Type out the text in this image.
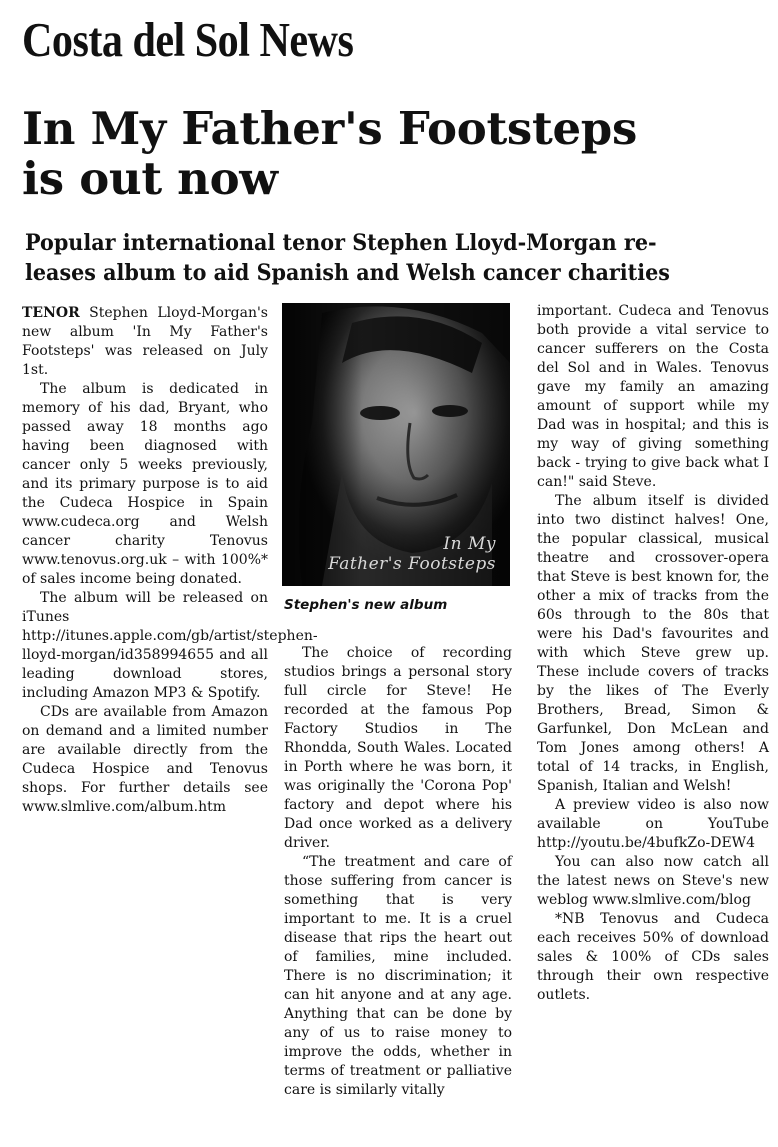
Costa del Sol News
In My Father's Footsteps
is out now
Popular international tenor Stephen Lloyd-Morgan re-
leases album to aid Spanish and Welsh cancer charities

TENOR Stephen Lloyd-Morgan's new album 'In My Father's Footsteps' was released on July 1st.

The album is dedicated in memory of his dad, Bryant, who passed away 18 months ago having been diagnosed with cancer only 5 weeks previously, and its primary purpose is to aid the Cudeca Hospice in Spain www.cudeca.org and Welsh cancer charity Tenovus www.tenovus.org.uk – with 100%* of sales income being donated.

The album will be released on iTunes http://itunes.apple.com/gb/artist/stephen-lloyd-morgan/id358994655 and all leading download stores, including Amazon MP3 & Spotify.

CDs are available from Amazon on demand and a limited number are available directly from the Cudeca Hospice and Tenovus shops. For further details see www.slmlive.com/album.htm

In My
Father's Footsteps
Stephen's new album

The choice of recording studios brings a personal story full circle for Steve! He recorded at the famous Pop Factory Studios in The Rhondda, South Wales. Located in Porth where he was born, it was originally the 'Corona Pop' factory and depot where his Dad once worked as a delivery driver.

“The treatment and care of those suffering from cancer is something that is very important to me. It is a cruel disease that rips the heart out of families, mine included. There is no discrimination; it can hit anyone and at any age. Anything that can be done by any of us to raise money to improve the odds, whether in terms of treatment or palliative care is similarly vitally

important. Cudeca and Tenovus both provide a vital service to cancer sufferers on the Costa del Sol and in Wales. Tenovus gave my family an amazing amount of support while my Dad was in hospital; and this is my way of giving something back - trying to give back what I can!" said Steve.

The album itself is divided into two distinct halves! One, the popular classical, musical theatre and crossover-opera that Steve is best known for, the other a mix of tracks from the 60s through to the 80s that were his Dad's favourites and with which Steve grew up. These include covers of tracks by the likes of The Everly Brothers, Bread, Simon & Garfunkel, Don McLean and Tom Jones among others! A total of 14 tracks, in English, Spanish, Italian and Welsh!

A preview video is also now available on YouTube http://youtu.be/4bufkZo-DEW4

You can also now catch all the latest news on Steve's new weblog www.slmlive.com/blog

*NB Tenovus and Cudeca each receives 50% of download sales & 100% of CDs sales through their own respective outlets.
